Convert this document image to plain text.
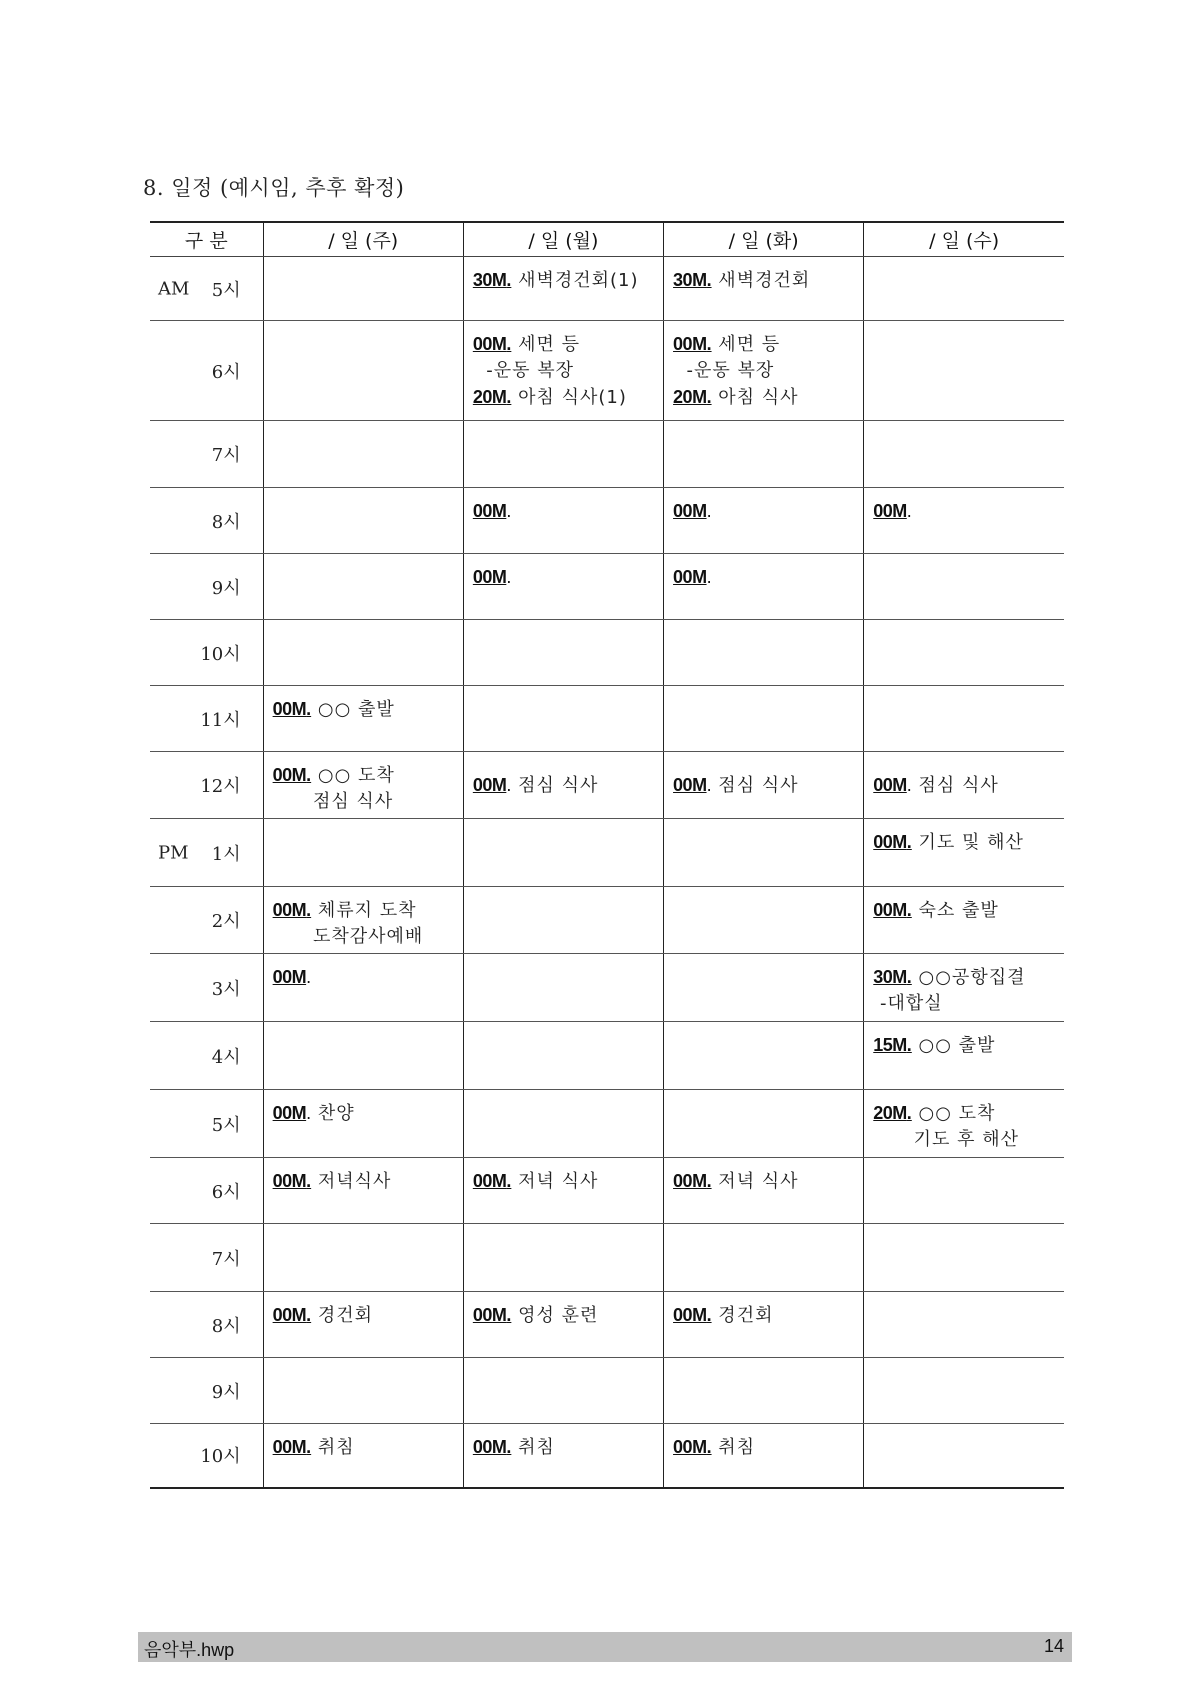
8. 일정 (예시임, 추후 확정)
구 분	/ 일 (주)	/ 일 (월)	/ 일 (화)	/ 일 (수)

AM 5시		30M. 새벽경건회(1)	30M. 새벽경건회	

6시		00M. 세면 등
-운동 복장
20M. 아침 식사(1)	00M. 세면 등
-운동 복장
20M. 아침 식사	

7시				

8시		00M.	00M.	00M.

9시		00M.	00M.	

10시				

11시	00M. ○○ 출발			

12시	00M. ○○ 도착
점심 식사	00M. 점심 식사	00M. 점심 식사	00M. 점심 식사

PM 1시				00M. 기도 및 해산

2시	00M. 체류지 도착
도착감사예배			00M. 숙소 출발

3시	00M.			30M. ○○공항집결
-대합실

4시				15M. ○○ 출발

5시	00M. 찬양			20M. ○○ 도착
기도 후 해산

6시	00M. 저녁식사	00M. 저녁 식사	00M. 저녁 식사	

7시				

8시	00M. 경건회	00M. 영성 훈련	00M. 경건회	

9시				

10시	00M. 취침	00M. 취침	00M. 취침	

음악부.hwp	14
